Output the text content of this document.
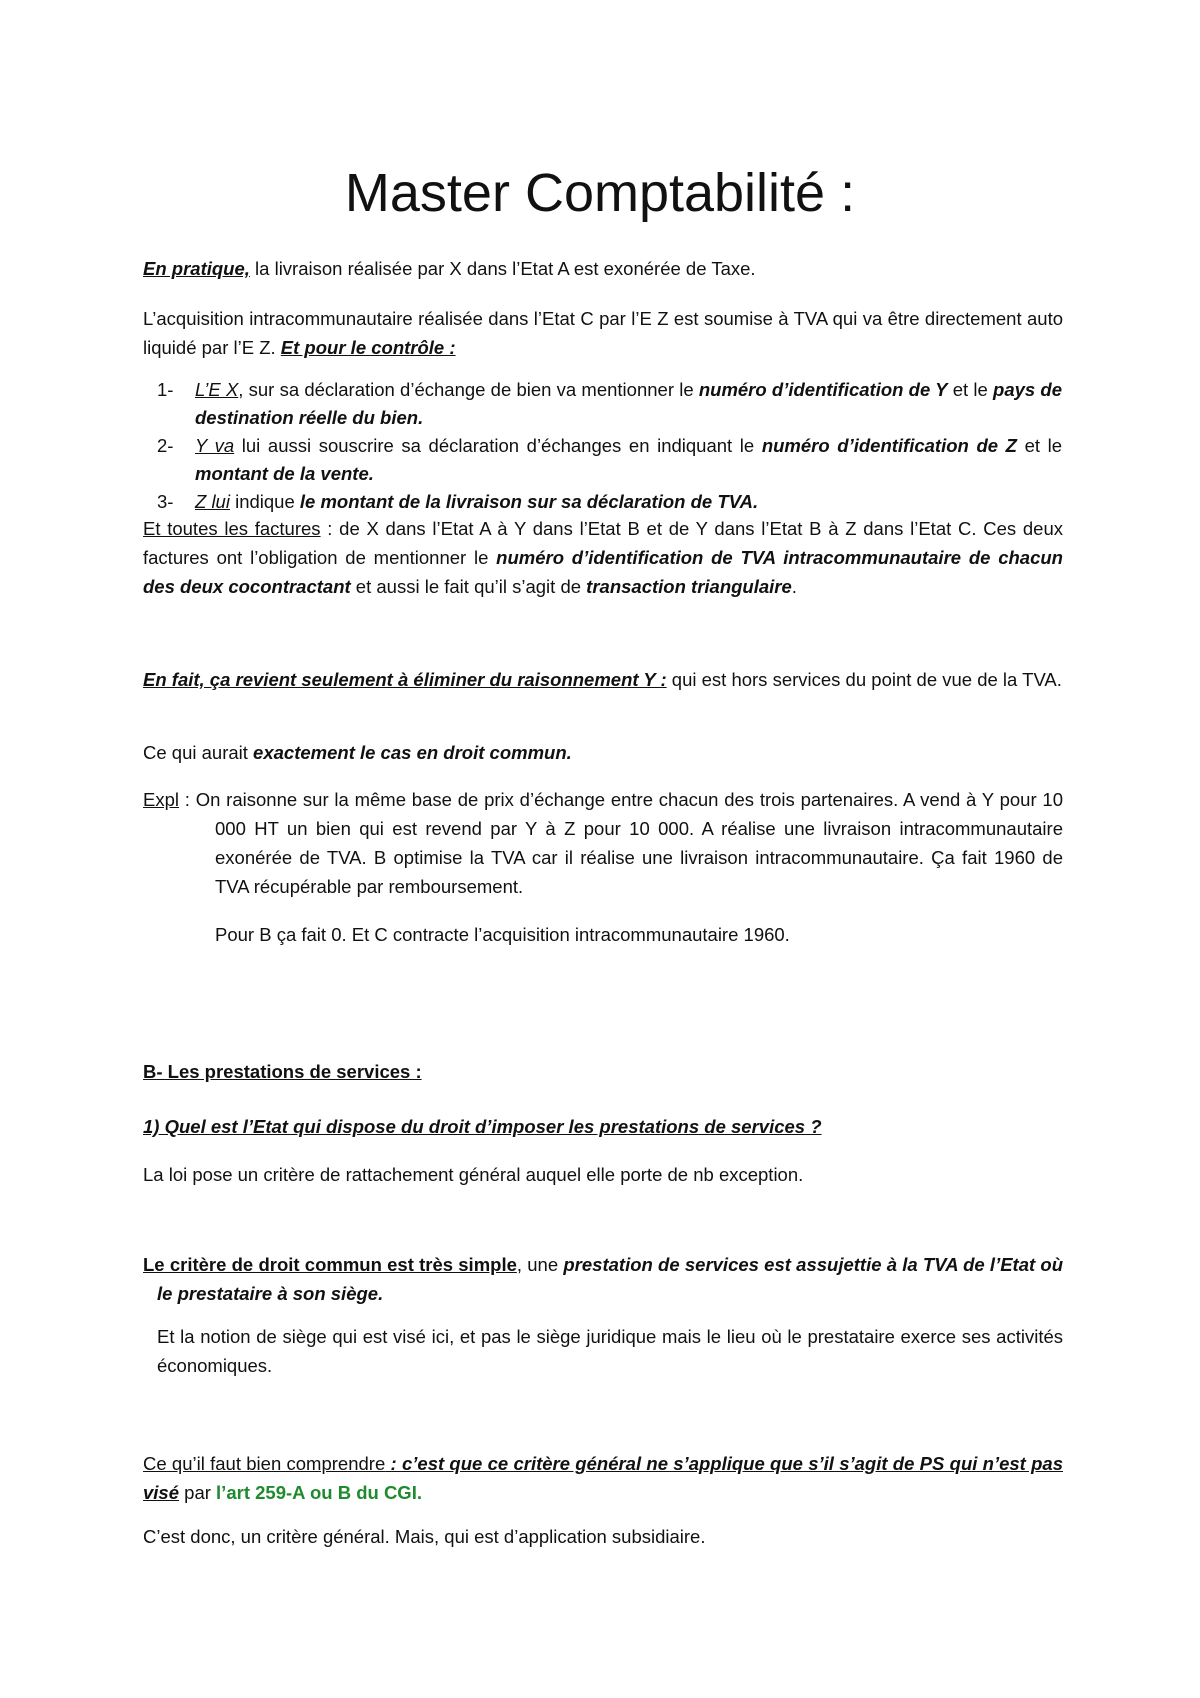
Master Comptabilité :

En pratique, la livraison réalisée par X dans l’Etat A est exonérée de Taxe.

L’acquisition intracommunautaire réalisée dans l’Etat C par l’E Z est soumise à TVA qui va être directement auto liquidé par l’E Z. Et pour le contrôle :

1-	L’E X, sur sa déclaration d’échange de bien va mentionner le numéro d’identification de Y et le pays de destination réelle du bien.
2-	Y va lui aussi souscrire sa déclaration d’échanges en indiquant le numéro d’identification de Z et le montant de la vente.
3-	Z lui indique le montant de la livraison sur sa déclaration de TVA.

Et toutes les factures : de X dans l’Etat A à Y dans l’Etat B et de Y dans l’Etat B à Z dans l’Etat C. Ces deux factures ont l’obligation de mentionner le numéro d’identification de TVA intracommunautaire de chacun des deux cocontractant et aussi le fait qu’il s’agit de transaction triangulaire.

En fait, ça revient seulement à éliminer du raisonnement Y : qui est hors services du point de vue de la TVA.

Ce qui aurait exactement le cas en droit commun.

Expl : On raisonne sur la même base de prix d’échange entre chacun des trois partenaires. A vend à Y pour 10 000 HT un bien qui est revend par Y à Z pour 10 000. A réalise une livraison intracommunautaire exonérée de TVA. B optimise la TVA car il réalise une livraison intracommunautaire. Ça fait 1960 de TVA récupérable par remboursement.

Pour B ça fait 0. Et C contracte l’acquisition intracommunautaire 1960.

B- Les prestations de services :

1) Quel est l’Etat qui dispose du droit d’imposer les prestations de services ?

La loi pose un critère de rattachement général auquel elle porte de nb exception.

Le critère de droit commun est très simple, une prestation de services est assujettie à la TVA de l’Etat où le prestataire à son siège.

Et la notion de siège qui est visé ici, et pas le siège juridique mais le lieu où le prestataire exerce ses activités économiques.

Ce qu’il faut bien comprendre : c’est que ce critère général ne s’applique que s’il s’agit de PS qui n’est pas visé par l’art 259-A ou B du CGI.

C’est donc, un critère général. Mais, qui est d’application subsidiaire.
